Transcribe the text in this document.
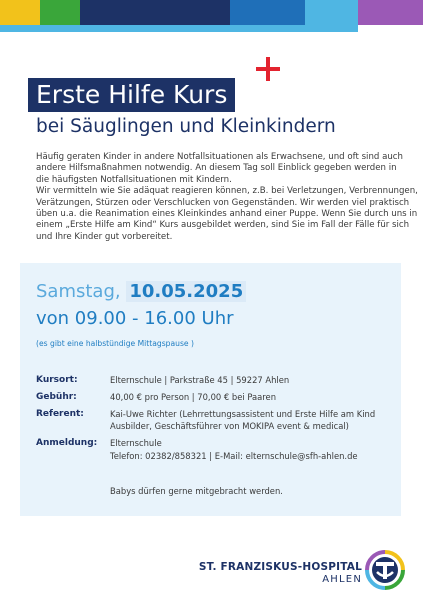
Erste Hilfe Kurs
bei Säuglingen und Kleinkindern

Häufig geraten Kinder in andere Notfallsituationen als Erwachsene, und oft sind auch

andere Hilfsmaßnahmen notwendig. An diesem Tag soll Einblick gegeben werden in

die häufigsten Notfallsituationen mit Kindern.

Wir vermitteln wie Sie adäquat reagieren können, z.B. bei Verletzungen, Verbrennungen,

Verätzungen, Stürzen oder Verschlucken von Gegenständen. Wir werden viel praktisch

üben u.a. die Reanimation eines Kleinkindes anhand einer Puppe. Wenn Sie durch uns in

einem „Erste Hilfe am Kind“ Kurs ausgebildet werden, sind Sie im Fall der Fälle für sich

und Ihre Kinder gut vorbereitet.

Samstag, 10.05.2025
von 09.00 - 16.00 Uhr
(es gibt eine halbstündige Mittagspause )
Kursort:	Elternschule | Parkstraße 45 | 59227 Ahlen
Gebühr:	40,00 € pro Person | 70,00 € bei Paaren
Referent:	Kai-Uwe Richter (Lehrrettungsassistent und Erste Hilfe am Kind
Ausbilder, Geschäftsführer von MOKIPA event & medical)
Anmeldung: Elternschule
Telefon: 02382/858321 | E-Mail: elternschule@sfh-ahlen.de
Babys dürfen gerne mitgebracht werden.
ST. FRANZISKUS-HOSPITAL
AHLEN
